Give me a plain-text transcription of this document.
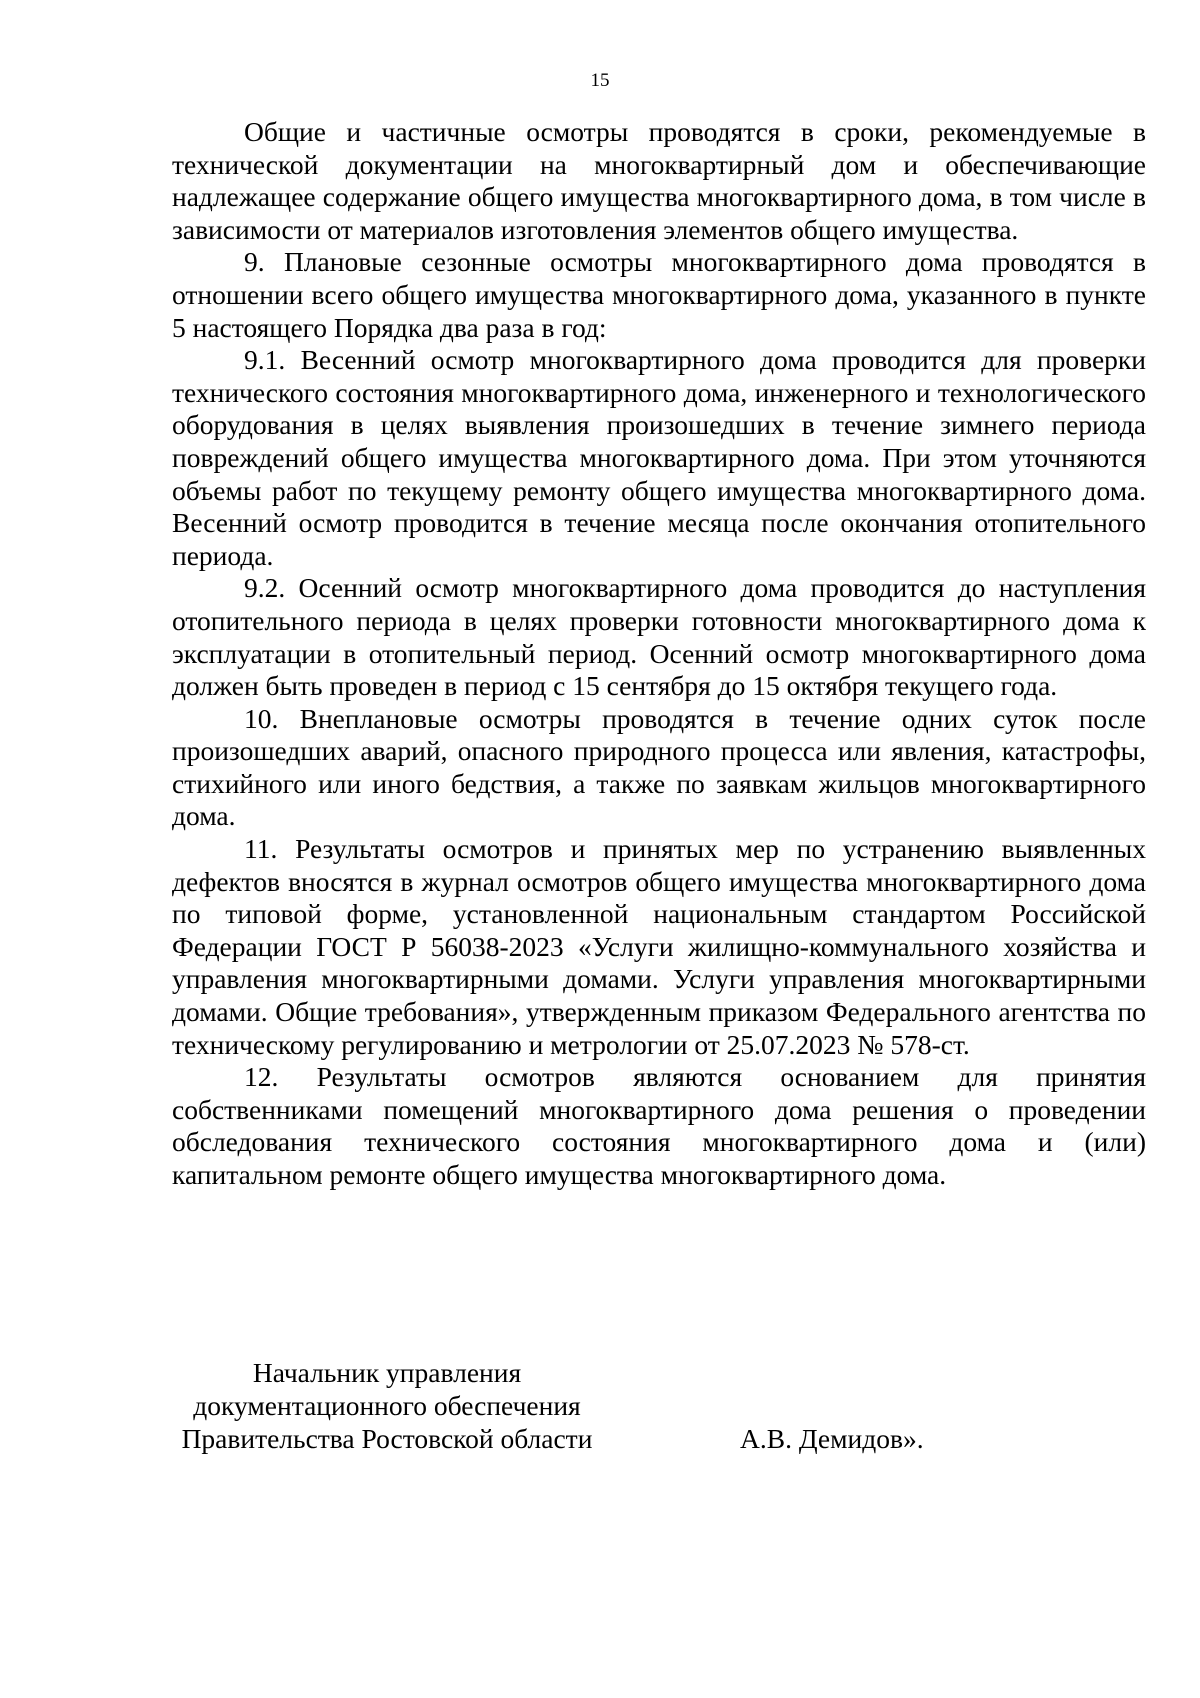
15

Общие и частичные осмотры проводятся в сроки, рекомендуемые в технической документации на многоквартирный дом и обеспечивающие надлежащее содержание общего имущества многоквартирного дома, в том числе в зависимости от материалов изготовления элементов общего имущества.

9. Плановые сезонные осмотры многоквартирного дома проводятся в отношении всего общего имущества многоквартирного дома, указанного в пункте 5 настоящего Порядка два раза в год:

9.1. Весенний осмотр многоквартирного дома проводится для проверки технического состояния многоквартирного дома, инженерного и технологического оборудования в целях выявления произошедших в течение зимнего периода повреждений общего имущества многоквартирного дома. При этом уточняются объемы работ по текущему ремонту общего имущества многоквартирного дома. Весенний осмотр проводится в течение месяца после окончания отопительного периода.

9.2. Осенний осмотр многоквартирного дома проводится до наступления отопительного периода в целях проверки готовности многоквартирного дома к эксплуатации в отопительный период. Осенний осмотр многоквартирного дома должен быть проведен в период с 15 сентября до 15 октября текущего года.

10. Внеплановые осмотры проводятся в течение одних суток после произошедших аварий, опасного природного процесса или явления, катастрофы, стихийного или иного бедствия, а также по заявкам жильцов многоквартирного дома.

11. Результаты осмотров и принятых мер по устранению выявленных дефектов вносятся в журнал осмотров общего имущества многоквартирного дома по типовой форме, установленной национальным стандартом Российской Федерации ГОСТ Р 56038-2023 «Услуги жилищно-коммунального хозяйства и управления многоквартирными домами. Услуги управления многоквартирными домами. Общие требования», утвержденным приказом Федерального агентства по техническому регулированию и метрологии от 25.07.2023 № 578-ст.

12. Результаты осмотров являются основанием для принятия собственниками помещений многоквартирного дома решения о проведении обследования технического состояния многоквартирного дома и (или) капитальном ремонте общего имущества многоквартирного дома.

Начальник управления
документационного обеспечения
Правительства Ростовской области	А.В. Демидов».
